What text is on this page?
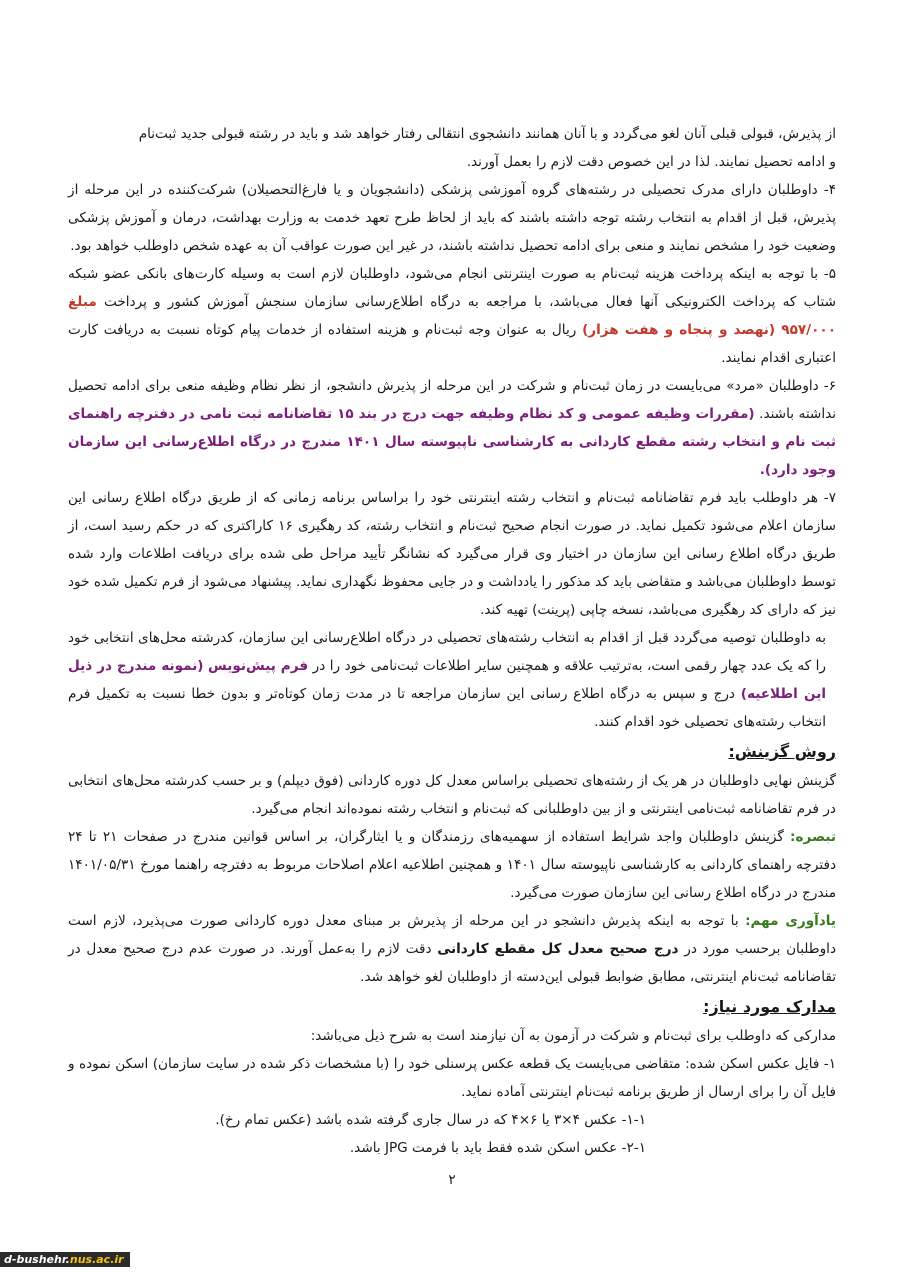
از پذیرش، قبولی قبلی آنان لغو می‌گردد و با آنان همانند دانشجوی انتقالی رفتار خواهد شد و باید در رشته قبولی جدید ثبت‌نام

و ادامه تحصیل نمایند. لذا در این خصوص دقت لازم را بعمل آورند.

۴- داوطلبان دارای مدرک تحصیلی در رشته‌های گروه آموزشی پزشکی (دانشجویان و یا فارغ‌التحصیلان) شرکت‌کننده در این مرحله از پذیرش، قبل از اقدام به انتخاب رشته توجه داشته باشند که باید از لحاظ طرح تعهد خدمت به وزارت بهداشت، درمان و آموزش پزشکی وضعیت خود را مشخص نمایند و منعی برای ادامه تحصیل نداشته باشند، در غیر این صورت عواقب آن به عهده شخص داوطلب خواهد بود.

۵- با توجه به اینکه پرداخت هزینه ثبت‌نام به صورت اینترنتی انجام می‌شود، داوطلبان لازم است به وسیله کارت‌های بانکی عضو شبکه شتاب که پرداخت الکترونیکی آنها فعال می‌باشد، با مراجعه به درگاه اطلاع‌رسانی سازمان سنجش آموزش کشور و پرداخت مبلغ ۹۵۷/۰۰۰ (نهصد و پنجاه و هفت هزار) ریال به عنوان وجه ثبت‌نام و هزینه استفاده از خدمات پیام کوتاه نسبت به دریافت کارت اعتباری اقدام نمایند.

۶- داوطلبان «مرد» می‌بایست در زمان ثبت‌نام و شرکت در این مرحله از پذیرش دانشجو، از نظر نظام وظیفه منعی برای ادامه تحصیل نداشته باشند. (مقررات وظیفه عمومی و کد نظام وظیفه جهت درج در بند ۱۵ تقاضانامه ثبت نامی در دفترچه راهنمای ثبت نام و انتخاب رشته مقطع کاردانی به کارشناسی ناپیوسته سال ۱۴۰۱ مندرج در درگاه اطلاع‌رسانی این سازمان وجود دارد).

۷- هر داوطلب باید فرم تقاضانامه ثبت‌نام و انتخاب رشته اینترنتی خود را براساس برنامه زمانی که از طریق درگاه اطلاع رسانی این سازمان اعلام می‌شود تکمیل نماید. در صورت انجام صحیح ثبت‌نام و انتخاب رشته، کد رهگیری ۱۶ کاراکتری که در حکم رسید است، از طریق درگاه اطلاع رسانی این سازمان در اختیار وی قرار می‌گیرد که نشانگر تأیید مراحل طی شده برای دریافت اطلاعات وارد شده توسط داوطلبان می‌باشد و متقاضی باید کد مذکور را یادداشت و در جایی محفوظ نگهداری نماید. پیشنهاد می‌شود از فرم تکمیل شده خود نیز که دارای کد رهگیری می‌باشد، نسخه چاپی (پرینت) تهیه کند.

به داوطلبان توصیه می‌گردد قبل از اقدام به انتخاب رشته‌های تحصیلی در درگاه اطلاع‌رسانی این سازمان، کدرشته محل‌های انتخابی خود را که یک عدد چهار رقمی است، به‌ترتیب علاقه و همچنین سایر اطلاعات ثبت‌نامی خود را در فرم پیش‌نویس (نمونه مندرج در ذیل این اطلاعیه) درج و سپس به درگاه اطلاع رسانی این سازمان مراجعه تا در مدت زمان کوتاه‌تر و بدون خطا نسبت به تکمیل فرم انتخاب رشته‌های تحصیلی خود اقدام کنند.

روش گزینش:

گزینش نهایی داوطلبان در هر یک از رشته‌های تحصیلی براساس معدل کل دوره کاردانی (فوق دیپلم) و بر حسب کدرشته محل‌های انتخابی در فرم تقاضانامه ثبت‌نامی اینترنتی و از بین داوطلبانی که ثبت‌نام و انتخاب رشته نموده‌اند انجام می‌گیرد.

تبصره: گزینش داوطلبان واجد شرایط استفاده از سهمیه‌های رزمندگان و یا ایثارگران، بر اساس قوانین مندرج در صفحات ۲۱ تا ۲۴ دفترچه راهنمای کاردانی به کارشناسی ناپیوسته سال ۱۴۰۱ و همچنین اطلاعیه اعلام اصلاحات مربوط به دفترچه راهنما مورخ ۱۴۰۱/۰۵/۳۱ مندرج در درگاه اطلاع رسانی این سازمان صورت می‌گیرد.

یادآوری مهم: با توجه به اینکه پذیرش دانشجو در این مرحله از پذیرش بر مبنای معدل دوره کاردانی صورت می‌پذیرد، لازم است داوطلبان برحسب مورد در درج صحیح معدل کل مقطع کاردانی دقت لازم را به‌عمل آورند. در صورت عدم درج صحیح معدل در تقاضانامه ثبت‌نام اینترنتی، مطابق ضوابط قبولی این‌دسته از داوطلبان لغو خواهد شد.

مدارک مورد نیاز:

مدارکی که داوطلب برای ثبت‌نام و شرکت در آزمون به آن نیازمند است به شرح ذیل می‌باشد:

۱- فایل عکس اسکن شده: متقاضی می‌بایست یک قطعه عکس پرسنلی خود را (با مشخصات ذکر شده در سایت سازمان) اسکن نموده و فایل آن را برای ارسال از طریق برنامه ثبت‌نام اینترنتی آماده نماید.

۱-۱- عکس ۴×۳ یا ۶×۴ که در سال جاری گرفته شده باشد (عکس تمام رخ).

۲-۱- عکس اسکن شده فقط باید با فرمت JPG باشد.

۲
d-bushehr.nus.ac.ir
